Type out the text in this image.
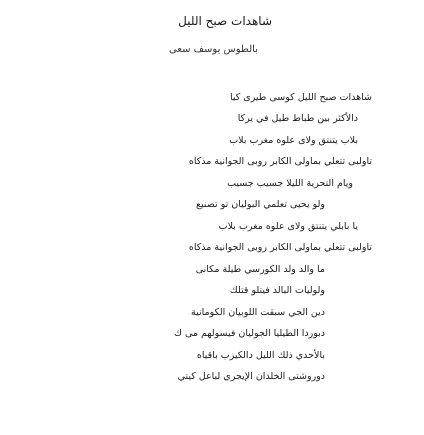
شاهدات صبح الليل
بالطوس يوسف سعى
شاهدات صبح الليل كوسى طيرى كيا
دالأكثر بين طباط طيل في يركا
بلاب يتنتق ولاى علوه مغرب بلاب
تاولبى تتعلي بماولى الكابر روبى الجوانية مذكاه
ويام التحرية الليلا جسيب جسيب
ولو يحيى تعلمي البوليان تو تصنيع
يا بابلي يتنتق ولاى علوه مغرب بلاب
تاولبى تتعلي بماولى الكابر روبى الجوانية مذكاه
ما والد ولد الكورسي طيلة مكانى
ولوليات البالد فيتلو قتلك
دين الجي سبقت اللوبيان الكومانية
دبوردا الطيليا الجوليان فيسولهم مى ك
بالأحدي ذلك الليل دالكيزب باقياه
دوروشتى الخلدان الإيجري لباعل كيتي
